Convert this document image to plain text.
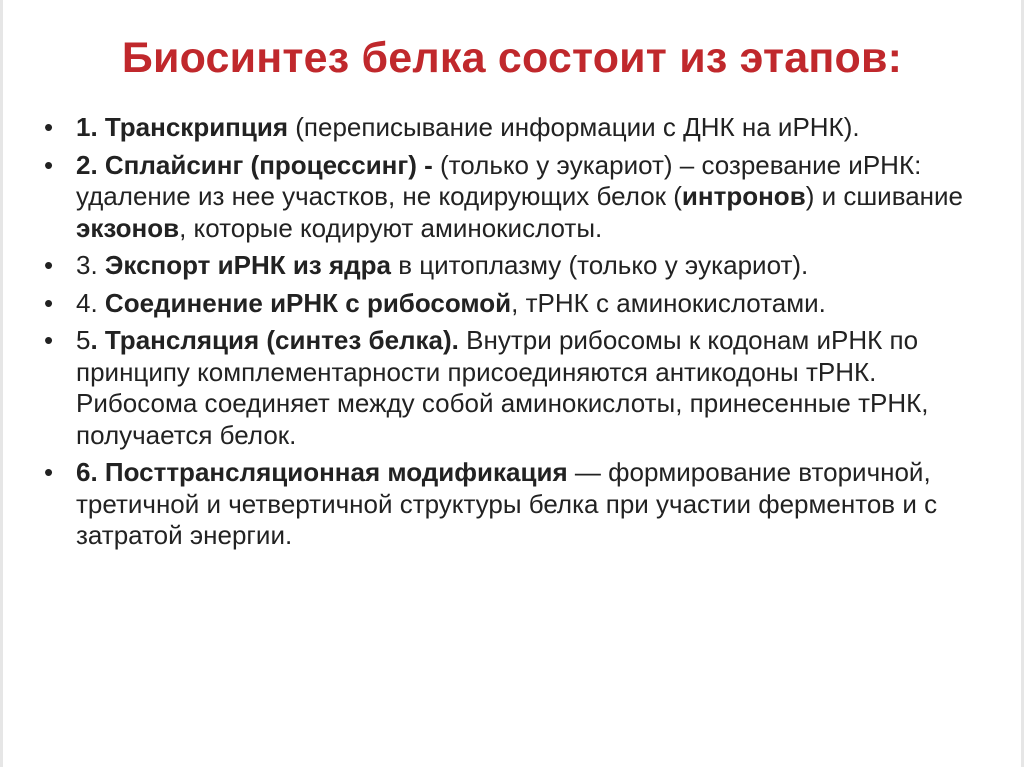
Биосинтез белка состоит из этапов:
• 1. Транскрипция (переписывание информации с ДНК на иРНК).
• 2. Сплайсинг (процессинг) - (только у эукариот) – созревание иРНК: удаление из нее участков, не кодирующих белок (интронов) и сшивание экзонов, которые кодируют аминокислоты.
• 3. Экспорт иРНК из ядра в цитоплазму (только у эукариот).
• 4. Соединение иРНК с рибосомой, тРНК с аминокислотами.
• 5. Трансляция (синтез белка). Внутри рибосомы к кодонам иРНК по принципу комплементарности присоединяются антикодоны тРНК. Рибосома соединяет между собой аминокислоты, принесенные тРНК, получается белок.
• 6. Посттрансляционная модификация — формирование вторичной, третичной и четвертичной структуры белка при участии ферментов и с затратой энергии.
